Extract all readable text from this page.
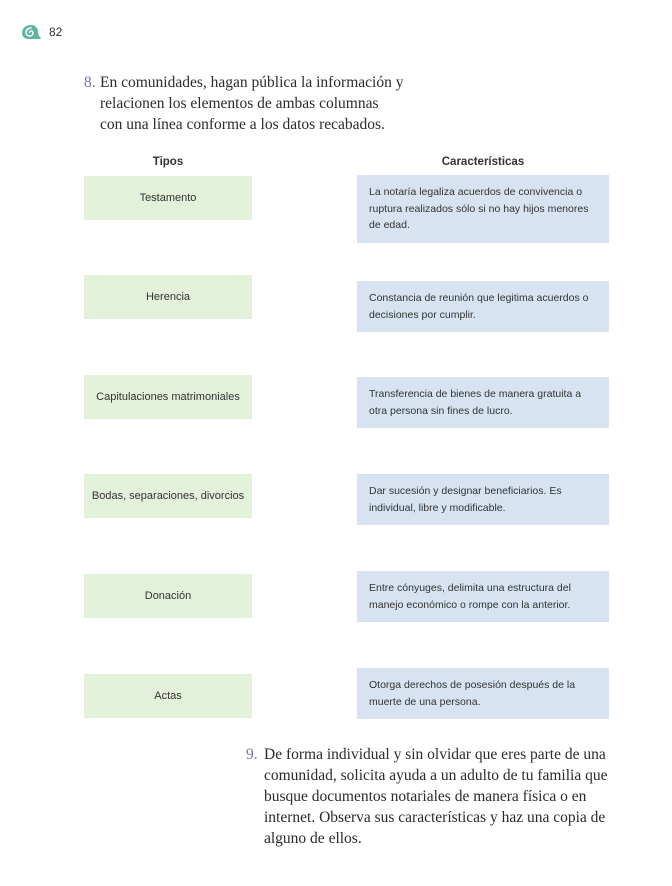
82
8. En comunidades, hagan pública la información y relacionen los elementos de ambas columnas con una línea conforme a los datos recabados.
Tipos	Características
Testamento
Herencia
Capitulaciones matrimoniales
Bodas, separaciones, divorcios
Donación
Actas
La notaría legaliza acuerdos de convivencia o ruptura realizados sólo si no hay hijos menores de edad.
Constancia de reunión que legitima acuerdos o decisiones por cumplir.
Transferencia de bienes de manera gratuita a otra persona sin fines de lucro.
Dar sucesión y designar beneficiarios. Es individual, libre y modificable.
Entre cónyuges, delimita una estructura del manejo económico o rompe con la anterior.
Otorga derechos de posesión después de la muerte de una persona.
9. De forma individual y sin olvidar que eres parte de una comunidad, solicita ayuda a un adulto de tu familia que busque documentos notariales de manera física o en internet. Observa sus características y haz una copia de alguno de ellos.
